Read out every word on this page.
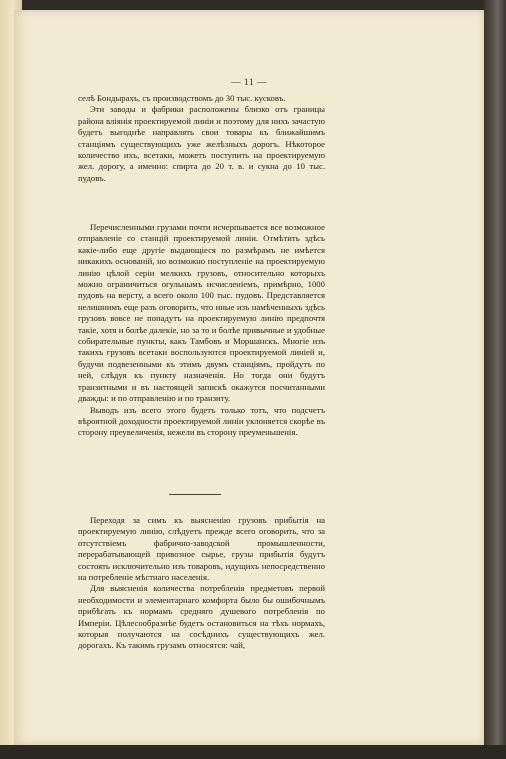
— 11 —

селѣ Бондырахъ, съ производствомъ до 30 тыс. кусковъ.

Эти заводы и фабрики расположены близко отъ границы района вліянія проектируемой линіи и поэтому для нихъ зачастую будетъ выгоднѣе направлять свои товары къ ближайшимъ станціямъ существующихъ уже желѣзныхъ дорогъ. Нѣкоторое количество ихъ, всетаки, можетъ поступить на проектируемую жел. дорогу, а именно: спирта до 20 т. в. и сукна до 10 тыс. пудовъ.

Перечисленными грузами почти исчерпывается все возможное отправленіе со станцій проектируемой линіи. Отмѣтить здѣсь какіе-либо еще другіе выдающіеся по размѣрамъ не имѣется никакихъ основаній, но возможно поступленіе на проектируемую линію цѣлой серіи мелкихъ грузовъ, относительно которыхъ можно ограничиться огульнымъ исчисленіемъ, примѣрно, 1000 пудовъ на версту, а всего около 100 тыс. пудовъ. Представляется нелишнимъ еще разъ оговорить, что иные изъ намѣченныхъ здѣсь грузовъ вовсе не попадутъ на проектируемую линію предпочтя такіе, хотя и болѣе далекіе, но за то и болѣе привычные и удобные собирательные пункты, какъ Тамбовъ и Моршанскъ. Многіе изъ такихъ грузовъ всетаки воспользуются проектируемой линіей и, будучи подвезенными къ этимъ двумъ станціямъ, пройдутъ по ней, слѣдуя къ пункту назначенія. Но тогда они будутъ транзитными и въ настоящей запискѣ окажутся посчитанными дважды: и по отправленію и по транзиту.

Выводъ изъ всего этого будетъ только тотъ, что подсчетъ вѣроятной доходности проектируемой линіи уклоняется скорѣе въ сторону преувеличенія, нежели въ сторону преуменьшенія.

Переходя за симъ къ выясненію грузовъ прибытія на проектируемую линію, слѣдуетъ прежде всего оговорить, что за отсутствіемъ фабрично-заводской промышленности, перерабатывающей привозное сырье, грузы прибытія будутъ состоять исключительно изъ товаровъ, идущихъ непосредственно на потребленіе мѣстнаго населенія.

Для выясненія количества потребленія предметовъ первой необходимости и элементарнаго комфорта было бы ошибочнымъ прибѣгать къ нормамъ средняго душевого потребленія по Имперіи. Цѣлесообразнѣе будетъ остановиться на тѣхъ нормахъ, которыя получаются на сосѣднихъ существующихъ жел. дорогахъ. Къ такимъ грузамъ относятся: чай,
